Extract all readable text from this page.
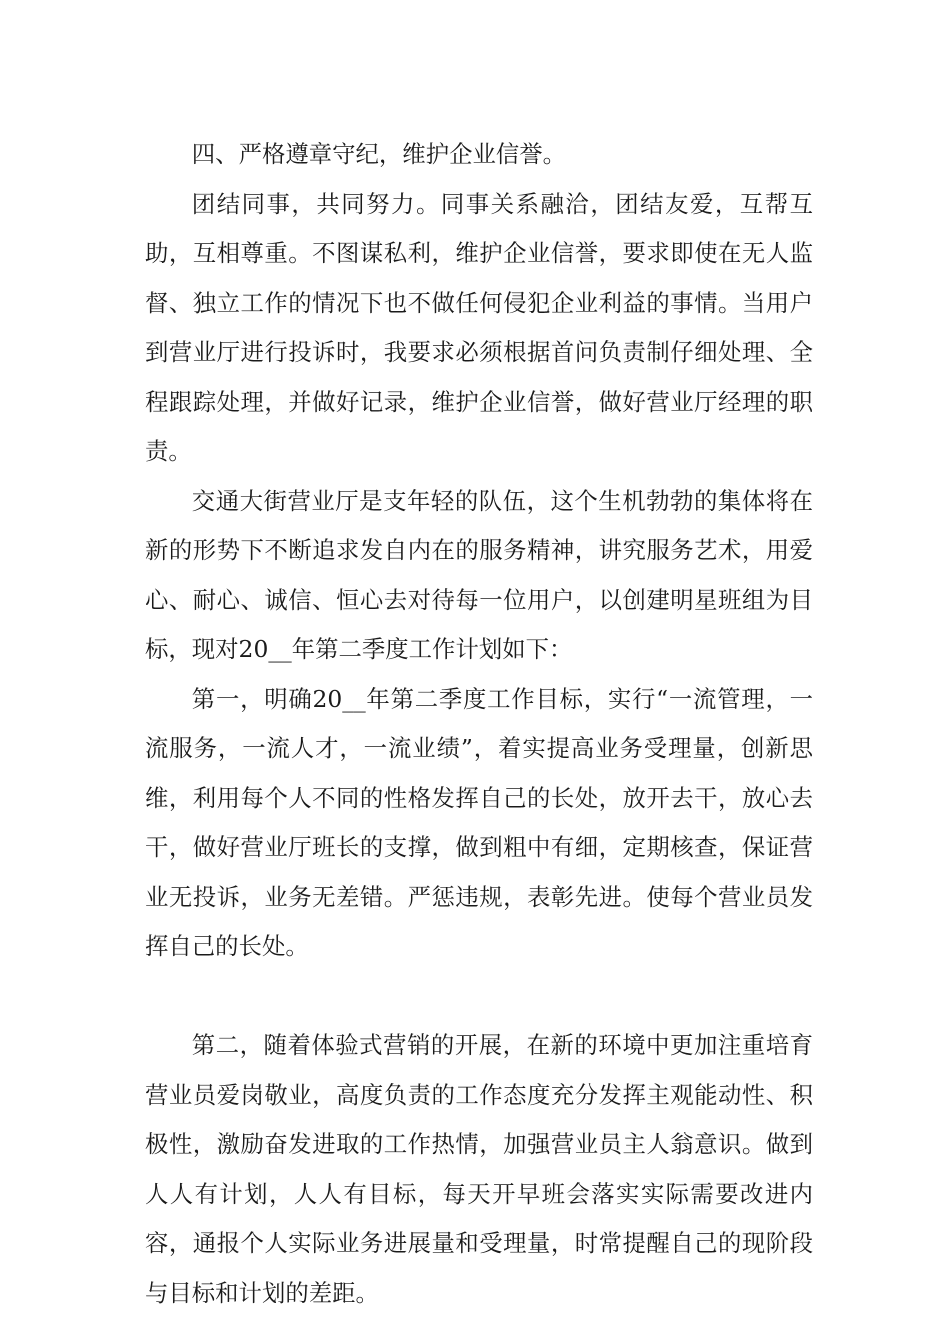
四、严格遵章守纪，维护企业信誉。

团结同事，共同努力。同事关系融洽，团结友爱，互帮互助，互相尊重。不图谋私利，维护企业信誉，要求即使在无人监督、独立工作的情况下也不做任何侵犯企业利益的事情。当用户到营业厅进行投诉时，我要求必须根据首问负责制仔细处理、全程跟踪处理，并做好记录，维护企业信誉，做好营业厅经理的职责。

交通大街营业厅是支年轻的队伍，这个生机勃勃的集体将在新的形势下不断追求发自内在的服务精神，讲究服务艺术，用爱心、耐心、诚信、恒心去对待每一位用户，以创建明星班组为目标，现对20__年第二季度工作计划如下：

第一，明确20__年第二季度工作目标，实行“一流管理，一流服务，一流人才，一流业绩”，着实提高业务受理量，创新思维，利用每个人不同的性格发挥自己的长处，放开去干，放心去干，做好营业厅班长的支撑，做到粗中有细，定期核查，保证营业无投诉，业务无差错。严惩违规，表彰先进。使每个营业员发挥自己的长处。

第二，随着体验式营销的开展，在新的环境中更加注重培育营业员爱岗敬业，高度负责的工作态度充分发挥主观能动性、积极性，激励奋发进取的工作热情，加强营业员主人翁意识。做到人人有计划，人人有目标，每天开早班会落实实际需要改进内容，通报个人实际业务进展量和受理量，时常提醒自己的现阶段与目标和计划的差距。
